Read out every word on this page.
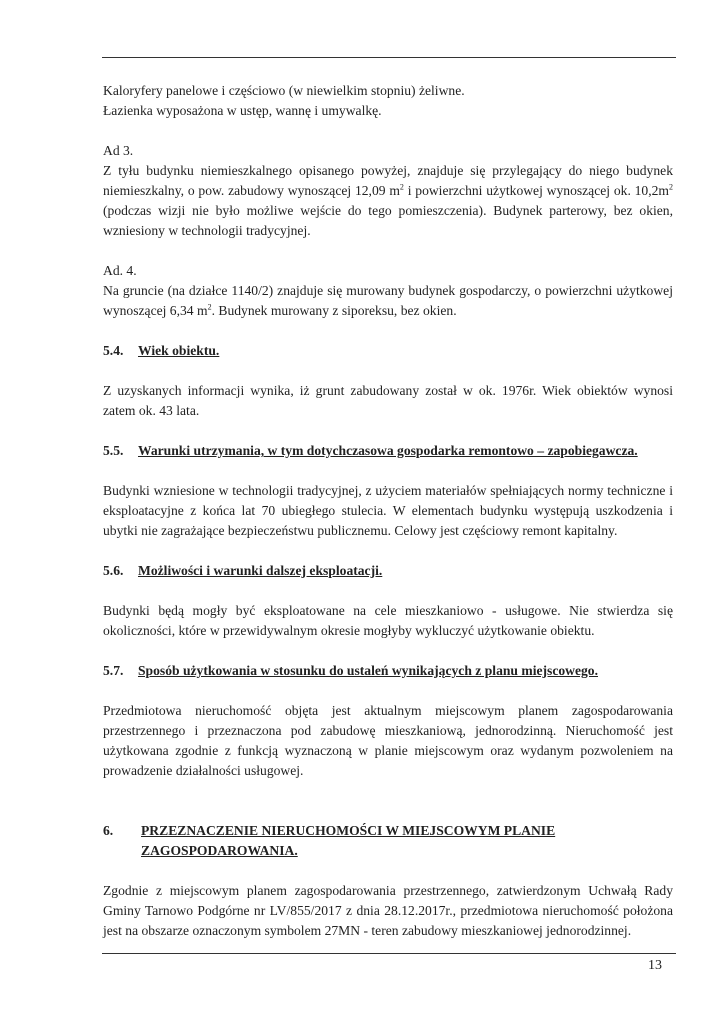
Kaloryfery panelowe i częściowo (w niewielkim stopniu) żeliwne.

Łazienka wyposażona w ustęp, wannę i umywalkę.

Ad 3.

Z tyłu budynku niemieszkalnego opisanego powyżej, znajduje się przylegający do niego budynek niemieszkalny, o pow. zabudowy wynoszącej 12,09 $m^2$ i powierzchni użytkowej wynoszącej ok. $10,2m^2$ (podczas wizji nie było możliwe wejście do tego pomieszczenia). Budynek parterowy, bez okien, wzniesiony w technologii tradycyjnej.

Ad. 4.

Na gruncie (na działce 1140/2) znajduje się murowany budynek gospodarczy, o powierzchni użytkowej wynoszącej 6,34 $m^2$. Budynek murowany z siporeksu, bez okien.

5.4.	Wiek obiektu.

Z uzyskanych informacji wynika, iż grunt zabudowany został w ok. 1976r. Wiek obiektów wynosi zatem ok. 43 lata.

5.5.	Warunki utrzymania, w tym dotychczasowa gospodarka remontowo – zapobiegawcza.

Budynki wzniesione w technologii tradycyjnej, z użyciem materiałów spełniających normy techniczne i eksploatacyjne z końca lat 70 ubiegłego stulecia. W elementach budynku występują uszkodzenia i ubytki nie zagrażające bezpieczeństwu publicznemu. Celowy jest częściowy remont kapitalny.

5.6.	Możliwości i warunki dalszej eksploatacji.

Budynki będą mogły być eksploatowane na cele mieszkaniowo - usługowe. Nie stwierdza się okoliczności, które w przewidywalnym okresie mogłyby wykluczyć użytkowanie obiektu.

5.7.	Sposób użytkowania w stosunku do ustaleń wynikających z planu miejscowego.

Przedmiotowa nieruchomość objęta jest aktualnym miejscowym planem zagospodarowania przestrzennego i przeznaczona pod zabudowę mieszkaniową, jednorodzinną. Nieruchomość jest użytkowana zgodnie z funkcją wyznaczoną w planie miejscowym oraz wydanym pozwoleniem na prowadzenie działalności usługowej.

6.	PRZEZNACZENIE NIERUCHOMOŚCI W MIEJSCOWYM PLANIE ZAGOSPODAROWANIA.

Zgodnie z miejscowym planem zagospodarowania przestrzennego, zatwierdzonym Uchwałą Rady Gminy Tarnowo Podgórne nr LV/855/2017 z dnia 28.12.2017r., przedmiotowa nieruchomość położona jest na obszarze oznaczonym symbolem 27MN - teren zabudowy mieszkaniowej jednorodzinnej.

13
